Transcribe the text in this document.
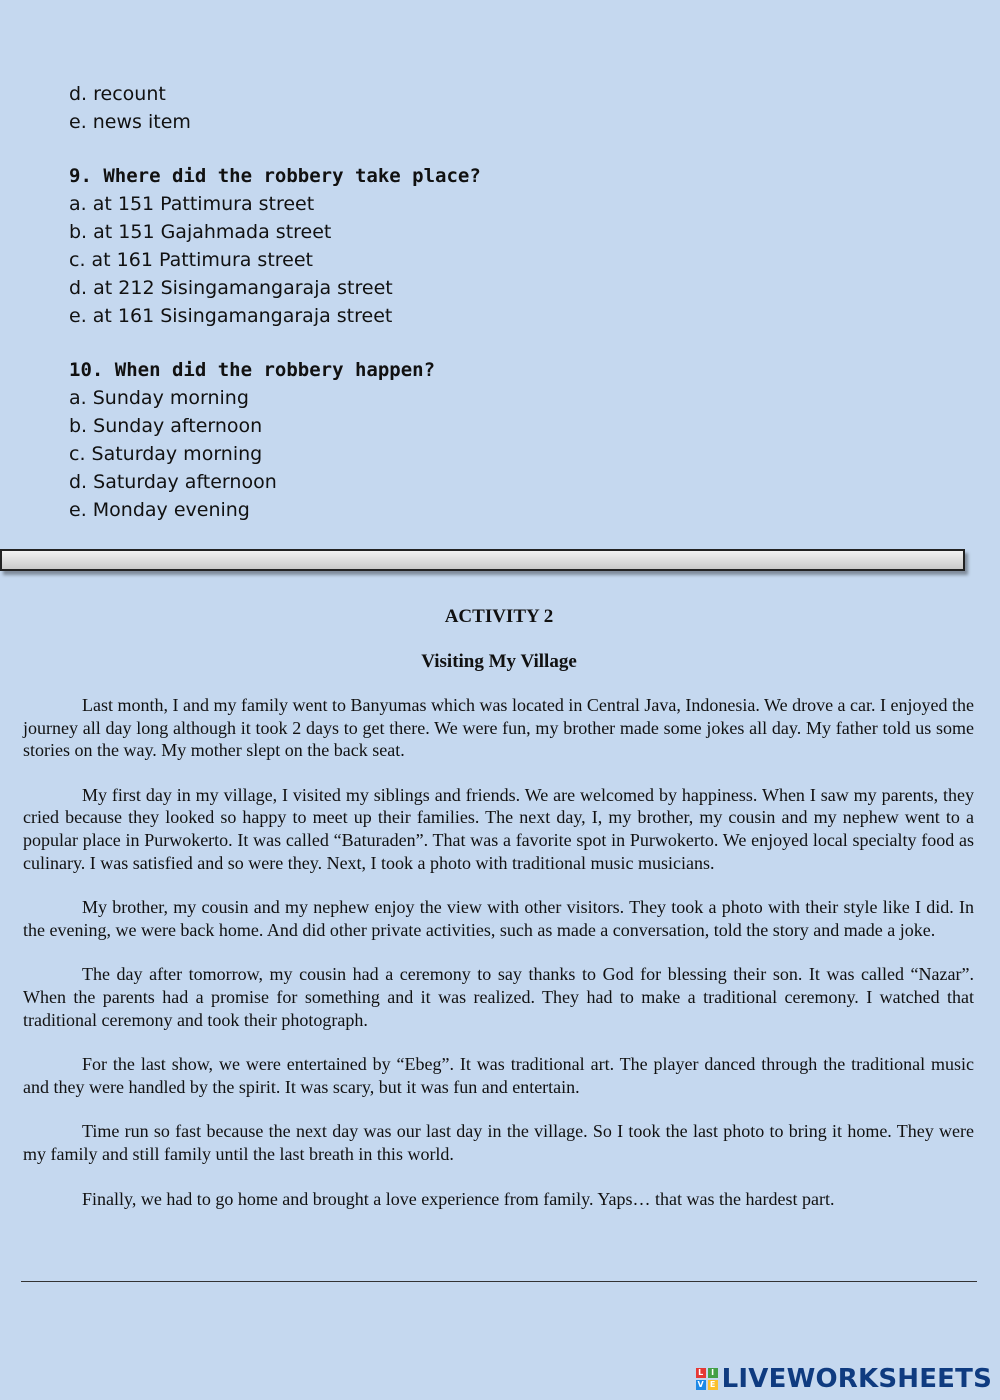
d. recount
e. news item
9. Where did the robbery take place?
a. at 151 Pattimura street
b. at 151 Gajahmada street
c. at 161 Pattimura street
d. at 212 Sisingamangaraja street
e. at 161 Sisingamangaraja street
10. When did the robbery happen?
a. Sunday morning
b. Sunday afternoon
c. Saturday morning
d. Saturday afternoon
e. Monday evening
ACTIVITY 2
Visiting My Village

Last month, I and my family went to Banyumas which was located in Central Java, Indonesia. We drove a car. I enjoyed the journey all day long although it took 2 days to get there. We were fun, my brother made some jokes all day. My father told us some stories on the way. My mother slept on the back seat.

My first day in my village, I visited my siblings and friends. We are welcomed by happiness. When I saw my parents, they cried because they looked so happy to meet up their families. The next day, I, my brother, my cousin and my nephew went to a popular place in Purwokerto. It was called “Baturaden”. That was a favorite spot in Purwokerto. We enjoyed local specialty food as culinary. I was satisfied and so were they. Next, I took a photo with traditional music musicians.

My brother, my cousin and my nephew enjoy the view with other visitors. They took a photo with their style like I did. In the evening, we were back home. And did other private activities, such as made a conversation, told the story and made a joke.

The day after tomorrow, my cousin had a ceremony to say thanks to God for blessing their son. It was called “Nazar”. When the parents had a promise for something and it was realized. They had to make a traditional ceremony. I watched that traditional ceremony and took their photograph.

For the last show, we were entertained by “Ebeg”. It was traditional art. The player danced through the traditional music and they were handled by the spirit. It was scary, but it was fun and entertain.

Time run so fast because the next day was our last day in the village. So I took the last photo to bring it home. They were my family and still family until the last breath in this world.

Finally, we had to go home and brought a love experience from family. Yaps… that was the hardest part.

L I
V E LIVEWORKSHEETS
